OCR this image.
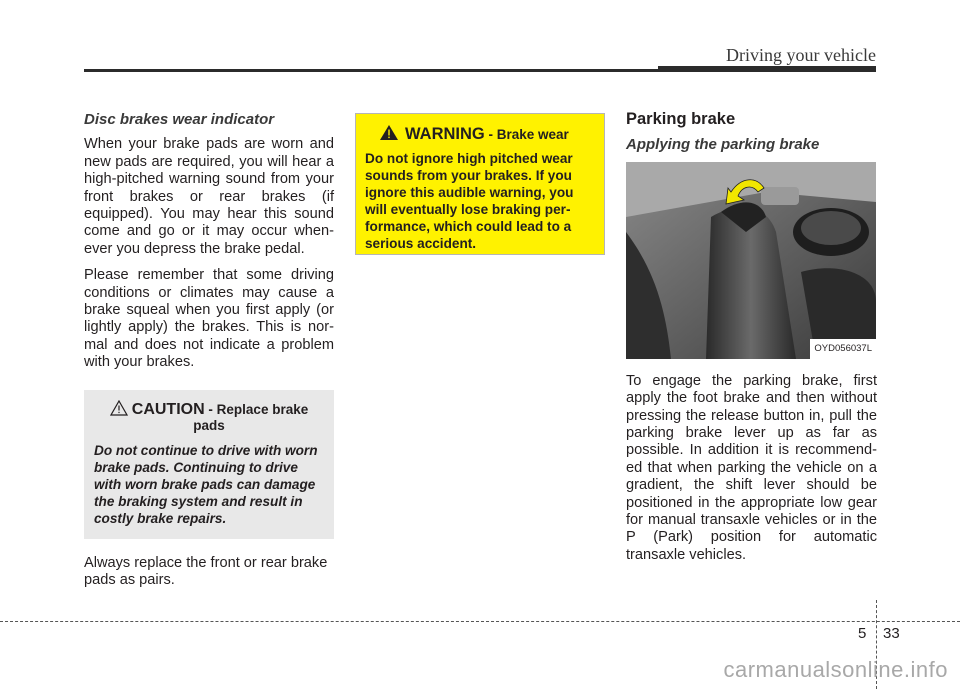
Driving your vehicle
Disc brakes wear indicator

When your brake pads are worn and new pads are required, you will hear a high-pitched warning sound from your front brakes or rear brakes (if equipped). You may hear this sound come and go or it may occur when-ever you depress the brake pedal.

Please remember that some driving conditions or climates may cause a brake squeal when you first apply (or lightly apply) the brakes. This is nor-mal and does not indicate a problem with your brakes.

CAUTION - Replace brake pads
Do not continue to drive with worn brake pads. Continuing to drive with worn brake pads can damage the braking system and result in costly brake repairs.

Always replace the front or rear brake pads as pairs.

WARNING - Brake wear
Do not ignore high pitched wear sounds from your brakes. If you ignore this audible warning, you will eventually lose braking per-formance, which could lead to a serious accident.
Parking brake
Applying the parking brake
OYD056037L

To engage the parking brake, first apply the foot brake and then without pressing the release button in, pull the parking brake lever up as far as possible. In addition it is recommend-ed that when parking the vehicle on a gradient, the shift lever should be positioned in the appropriate low gear for manual transaxle vehicles or in the P (Park) position for automatic transaxle vehicles.

5 33
carmanualsonline.info
